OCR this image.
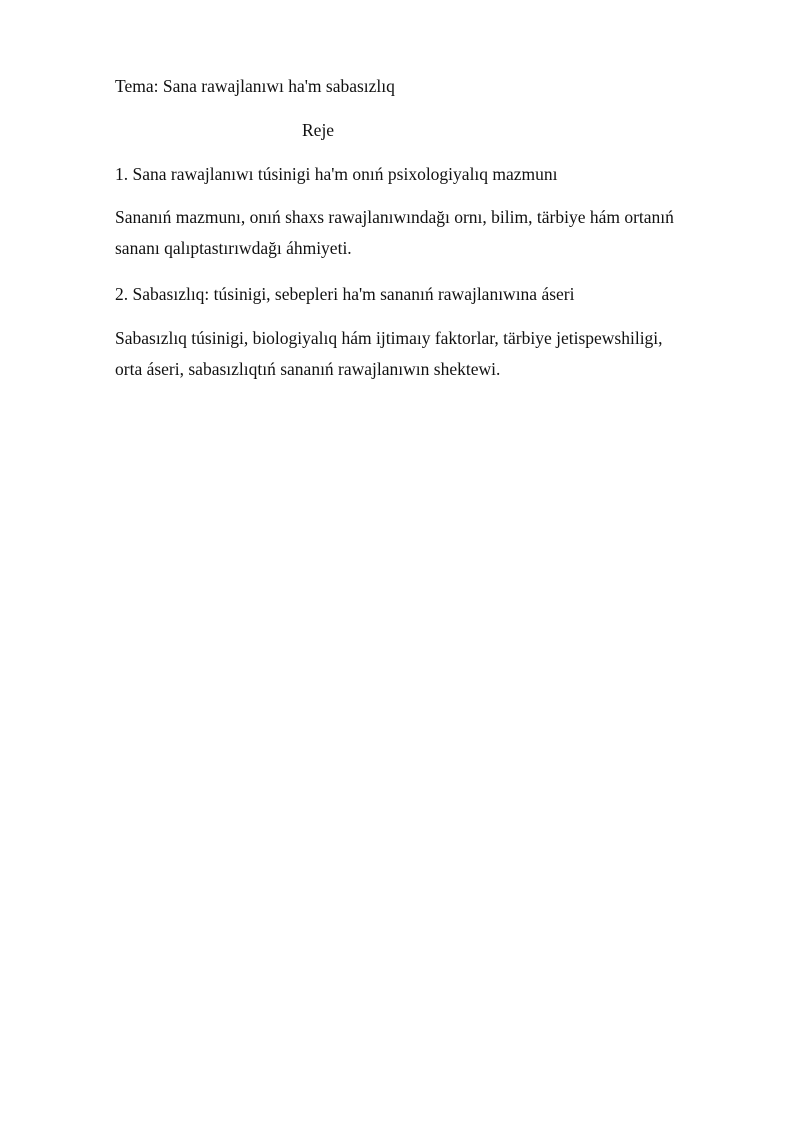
Tema: Sana rawajlanıwı ha'm sabasızlıq
Reje
1. Sana rawajlanıwı túsinigi ha'm onıń psixologiyalıq mazmunı
Sananıń mazmunı, onıń shaxs rawajlanıwındağı ornı, bilim, tärbiye hám ortanıń
sananı qalıptastırıwdağı áhmiyeti.
2. Sabasızlıq: túsinigi, sebepleri ha'm sananıń rawajlanıwına áseri
Sabasızlıq túsinigi, biologiyalıq hám ijtimaıy faktorlar, tärbiye jetispewshiligi,
orta áseri, sabasızlıqtıń sananıń rawajlanıwın shektewi.
